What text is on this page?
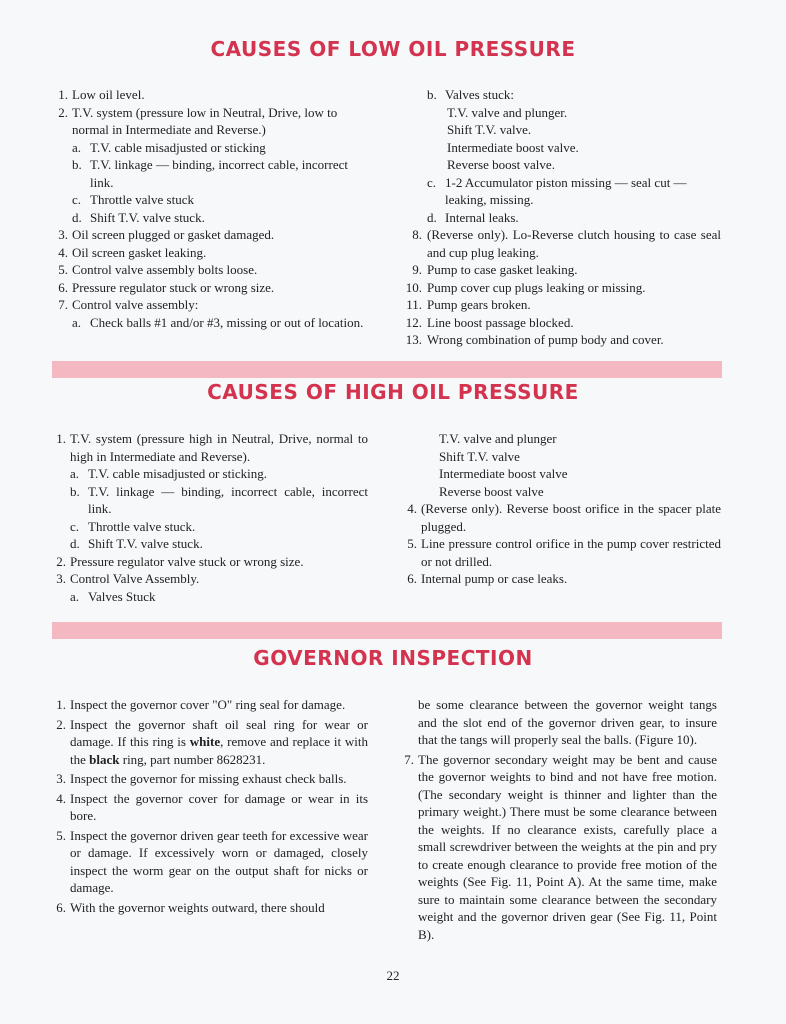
CAUSES OF LOW OIL PRESSURE
1. Low oil level.
2. T.V. system (pressure low in Neutral, Drive, low to normal in Intermediate and Reverse.)
a. T.V. cable misadjusted or sticking
b. T.V. linkage — binding, incorrect cable, incorrect link.
c. Throttle valve stuck
d. Shift T.V. valve stuck.
3. Oil screen plugged or gasket damaged.
4. Oil screen gasket leaking.
5. Control valve assembly bolts loose.
6. Pressure regulator stuck or wrong size.
7. Control valve assembly:
a. Check balls #1 and/or #3, missing or out of location.
b. Valves stuck:
T.V. valve and plunger.
Shift T.V. valve.
Intermediate boost valve.
Reverse boost valve.
c. 1-2 Accumulator piston missing — seal cut — leaking, missing.
d. Internal leaks.
8. (Reverse only). Lo-Reverse clutch housing to case seal and cup plug leaking.
9. Pump to case gasket leaking.
10. Pump cover cup plugs leaking or missing.
11. Pump gears broken.
12. Line boost passage blocked.
13. Wrong combination of pump body and cover.
CAUSES OF HIGH OIL PRESSURE
1. T.V. system (pressure high in Neutral, Drive, normal to high in Intermediate and Reverse).
a. T.V. cable misadjusted or sticking.
b. T.V. linkage — binding, incorrect cable, incorrect link.
c. Throttle valve stuck.
d. Shift T.V. valve stuck.
2. Pressure regulator valve stuck or wrong size.
3. Control Valve Assembly.
a. Valves Stuck
T.V. valve and plunger
Shift T.V. valve
Intermediate boost valve
Reverse boost valve
4. (Reverse only). Reverse boost orifice in the spacer plate plugged.
5. Line pressure control orifice in the pump cover restricted or not drilled.
6. Internal pump or case leaks.
GOVERNOR INSPECTION
1. Inspect the governor cover "O" ring seal for damage.
2. Inspect the governor shaft oil seal ring for wear or damage. If this ring is white, remove and replace it with the black ring, part number 8628231.
3. Inspect the governor for missing exhaust check balls.
4. Inspect the governor cover for damage or wear in its bore.
5. Inspect the governor driven gear teeth for excessive wear or damage. If excessively worn or damaged, closely inspect the worm gear on the output shaft for nicks or damage.
6. With the governor weights outward, there should
be some clearance between the governor weight tangs and the slot end of the governor driven gear, to insure that the tangs will properly seal the balls. (Figure 10).
7. The governor secondary weight may be bent and cause the governor weights to bind and not have free motion. (The secondary weight is thinner and lighter than the primary weight.) There must be some clearance between the weights. If no clearance exists, carefully place a small screwdriver between the weights at the pin and pry to create enough clearance to provide free motion of the weights (See Fig. 11, Point A). At the same time, make sure to maintain some clearance between the secondary weight and the governor driven gear (See Fig. 11, Point B).
22
